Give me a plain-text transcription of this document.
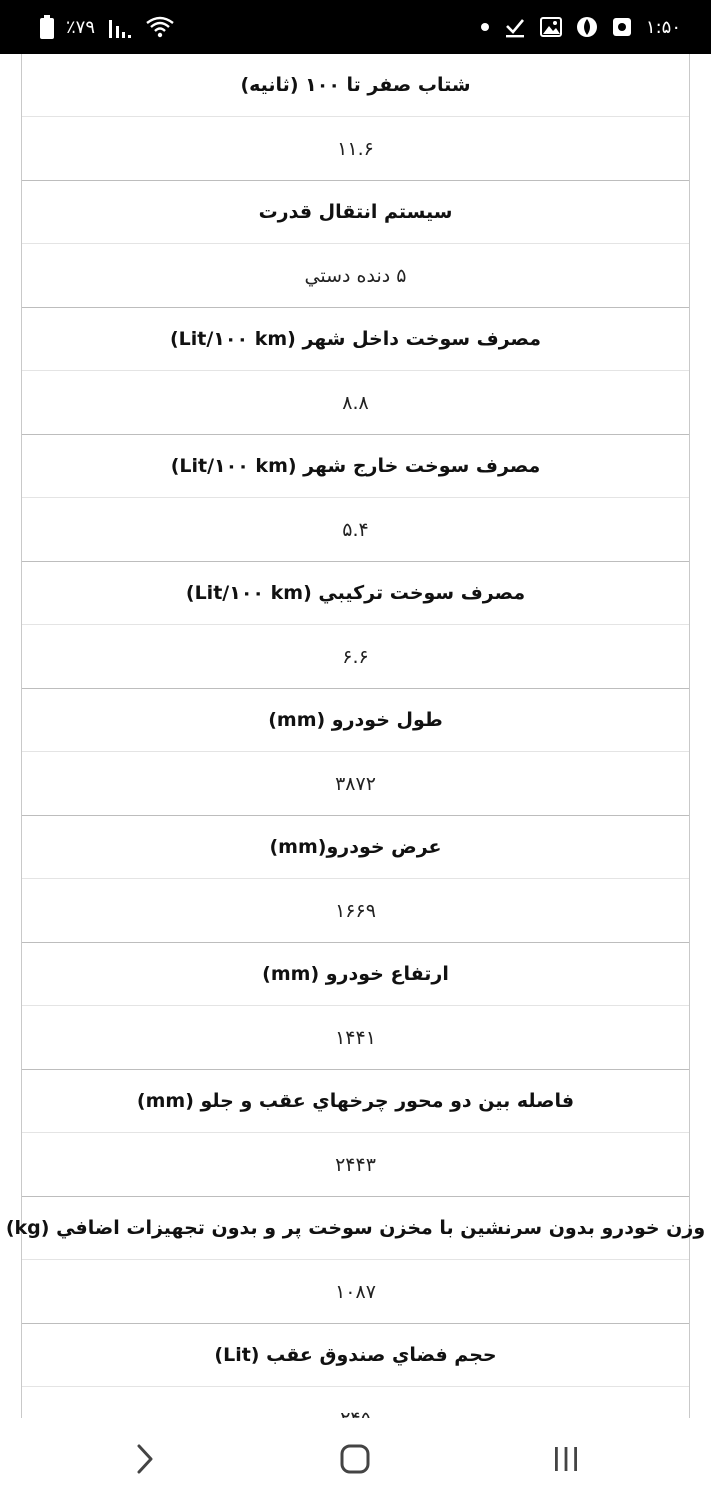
٪۷۹	۱:۵۰
شتاب صفر تا ۱۰۰ (ثانیه)
۱۱.۶
سیستم انتقال قدرت
۵ دنده دستي
مصرف سوخت داخل شهر (Lit/۱۰۰ km)
۸.۸
مصرف سوخت خارج شهر (Lit/۱۰۰ km)
۵.۴
مصرف سوخت ترکيبي (Lit/۱۰۰ km)
۶.۶
طول خودرو (mm)
۳۸۷۲
عرض خودرو(mm)
۱۶۶۹
ارتفاع خودرو (mm)
۱۴۴۱
فاصله بين دو محور چرخهاي عقب و جلو (mm)
۲۴۴۳
وزن خودرو بدون سرنشين با مخزن سوخت پر و بدون تجهيزات اضافي (kg)
۱۰۸۷
حجم فضاي صندوق عقب (Lit)
